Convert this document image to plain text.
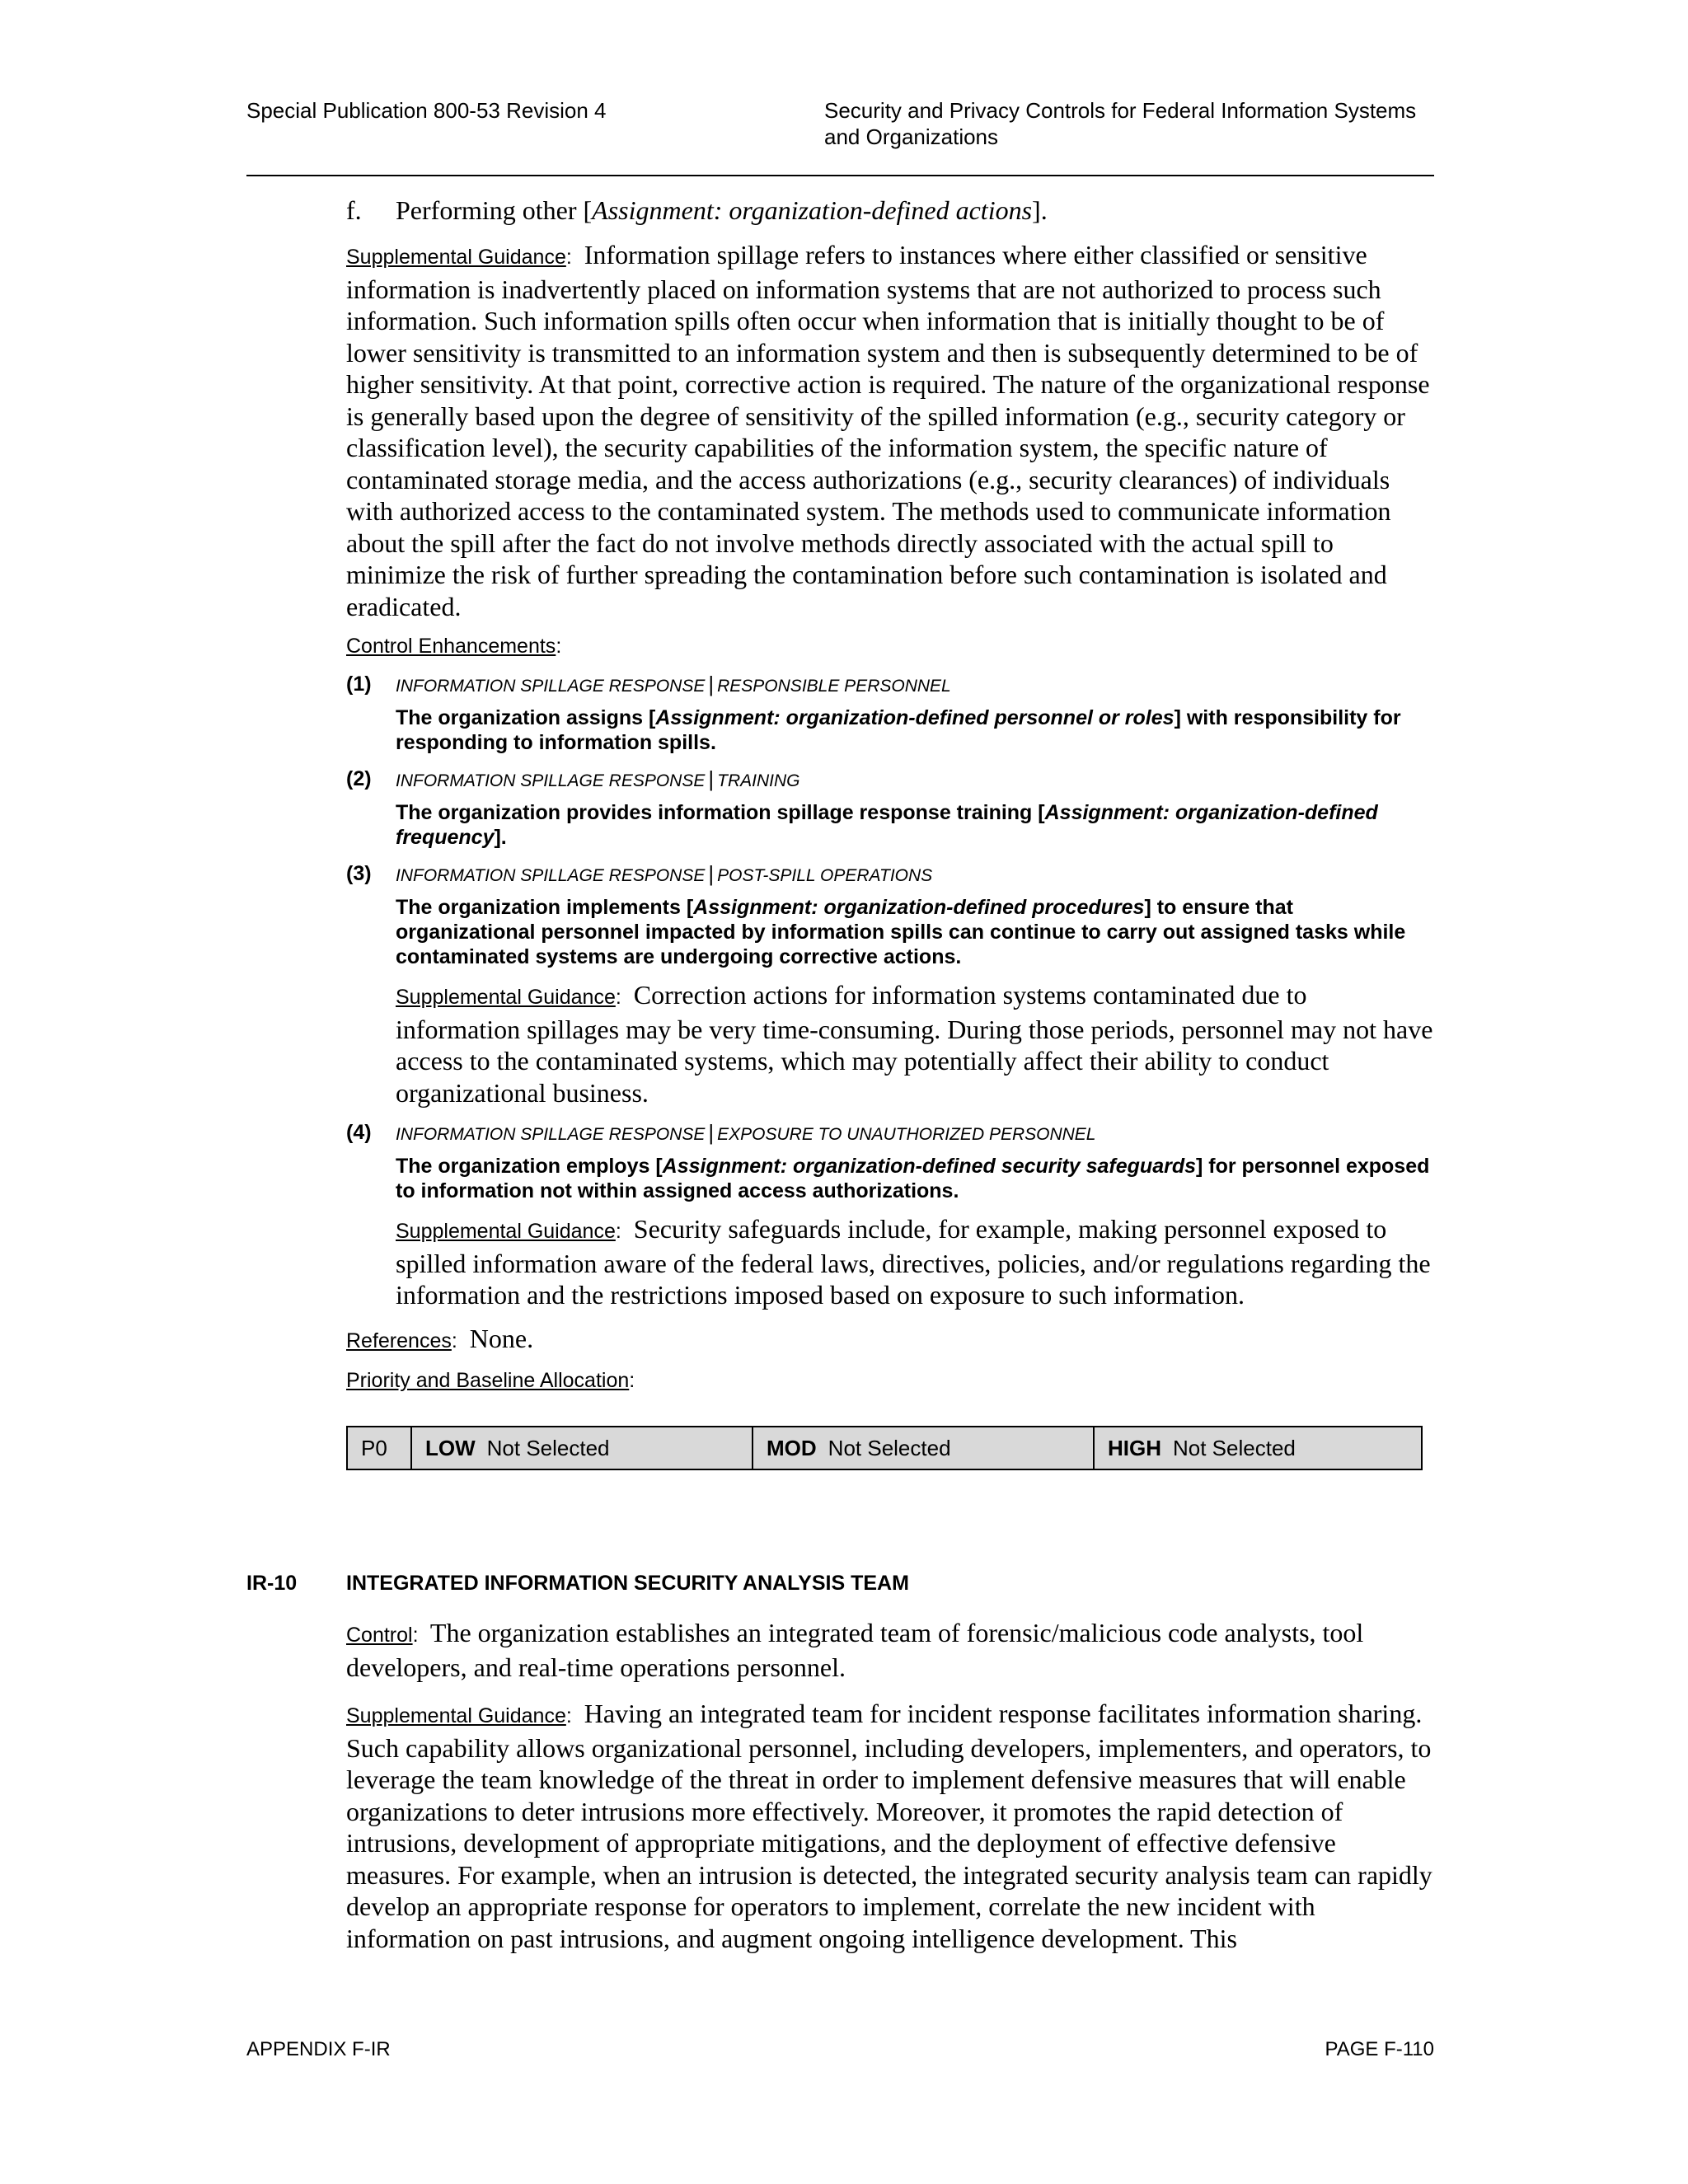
Special Publication 800-53 Revision 4	Security and Privacy Controls for Federal Information Systems and Organizations

f. Performing other [Assignment: organization-defined actions].

Supplemental Guidance:  Information spillage refers to instances where either classified or sensitive information is inadvertently placed on information systems that are not authorized to process such information. Such information spills often occur when information that is initially thought to be of lower sensitivity is transmitted to an information system and then is subsequently determined to be of higher sensitivity. At that point, corrective action is required. The nature of the organizational response is generally based upon the degree of sensitivity of the spilled information (e.g., security category or classification level), the security capabilities of the information system, the specific nature of contaminated storage media, and the access authorizations (e.g., security clearances) of individuals with authorized access to the contaminated system. The methods used to communicate information about the spill after the fact do not involve methods directly associated with the actual spill to minimize the risk of further spreading the contamination before such contamination is isolated and eradicated.

Control Enhancements:
(1) INFORMATION SPILLAGE RESPONSE | RESPONSIBLE PERSONNEL
The organization assigns [Assignment: organization-defined personnel or roles] with responsibility for responding to information spills.
(2) INFORMATION SPILLAGE RESPONSE | TRAINING
The organization provides information spillage response training [Assignment: organization-defined frequency].
(3) INFORMATION SPILLAGE RESPONSE | POST-SPILL OPERATIONS
The organization implements [Assignment: organization-defined procedures] to ensure that organizational personnel impacted by information spills can continue to carry out assigned tasks while contaminated systems are undergoing corrective actions.

Supplemental Guidance:  Correction actions for information systems contaminated due to information spillages may be very time-consuming. During those periods, personnel may not have access to the contaminated systems, which may potentially affect their ability to conduct organizational business.

(4) INFORMATION SPILLAGE RESPONSE | EXPOSURE TO UNAUTHORIZED PERSONNEL
The organization employs [Assignment: organization-defined security safeguards] for personnel exposed to information not within assigned access authorizations.

Supplemental Guidance:  Security safeguards include, for example, making personnel exposed to spilled information aware of the federal laws, directives, policies, and/or regulations regarding the information and the restrictions imposed based on exposure to such information.

References:  None.

Priority and Baseline Allocation:
P0	LOW Not Selected	MOD Not Selected	HIGH Not Selected
IR-10 INTEGRATED INFORMATION SECURITY ANALYSIS TEAM

Control:  The organization establishes an integrated team of forensic/malicious code analysts, tool developers, and real-time operations personnel.

Supplemental Guidance:  Having an integrated team for incident response facilitates information sharing. Such capability allows organizational personnel, including developers, implementers, and operators, to leverage the team knowledge of the threat in order to implement defensive measures that will enable organizations to deter intrusions more effectively. Moreover, it promotes the rapid detection of intrusions, development of appropriate mitigations, and the deployment of effective defensive measures. For example, when an intrusion is detected, the integrated security analysis team can rapidly develop an appropriate response for operators to implement, correlate the new incident with information on past intrusions, and augment ongoing intelligence development. This

APPENDIX F-IR	PAGE F-110
